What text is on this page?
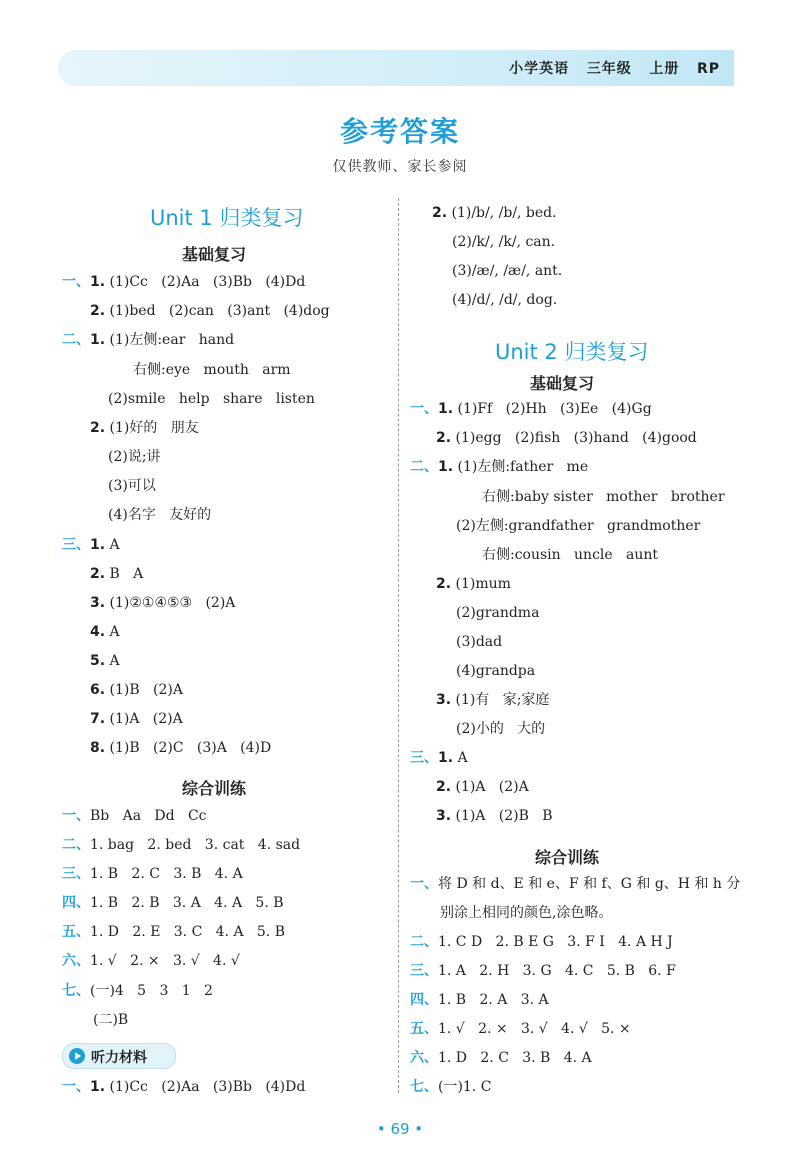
小学英语   三年级   上册   RP
参考答案
仅供教师、家长参阅
Unit 1 归类复习
基础复习
综合训练
听力材料
一、1. (1)Cc   (2)Aa   (3)Bb   (4)Dd
2. (1)bed   (2)can   (3)ant   (4)dog
二、1. (1)左侧:ear   hand
右侧:eye   mouth   arm
(2)smile   help   share   listen
2. (1)好的   朋友
(2)说;讲
(3)可以
(4)名字   友好的
三、1. A
2. B   A
3. (1)②①④⑤③   (2)A
4. A
5. A
6. (1)B   (2)A
7. (1)A   (2)A
8. (1)B   (2)C   (3)A   (4)D
一、Bb   Aa   Dd   Cc
二、1. bag   2. bed   3. cat   4. sad
三、1. B   2. C   3. B   4. A
四、1. B   2. B   3. A   4. A   5. B
五、1. D   2. E   3. C   4. A   5. B
六、1. √   2. ×   3. √   4. √
七、(一)4   5   3   1   2
(二)B
一、1. (1)Cc   (2)Aa   (3)Bb   (4)Dd
Unit 2 归类复习
基础复习
综合训练
2. (1)/b/, /b/, bed.
(2)/k/, /k/, can.
(3)/æ/, /æ/, ant.
(4)/d/, /d/, dog.
一、1. (1)Ff   (2)Hh   (3)Ee   (4)Gg
2. (1)egg   (2)fish   (3)hand   (4)good
二、1. (1)左侧:father   me
右侧:baby sister   mother   brother
(2)左侧:grandfather   grandmother
右侧:cousin   uncle   aunt
2. (1)mum
(2)grandma
(3)dad
(4)grandpa
3. (1)有   家;家庭
(2)小的   大的
三、1. A
2. (1)A   (2)A
3. (1)A   (2)B   B
一、将 D 和 d、E 和 e、F 和 f、G 和 g、H 和 h 分
别涂上相同的颜色,涂色略。
二、1. C D   2. B E G   3. F I   4. A H J
三、1. A   2. H   3. G   4. C   5. B   6. F
四、1. B   2. A   3. A
五、1. √   2. ×   3. √   4. √   5. ×
六、1. D   2. C   3. B   4. A
七、(一)1. C
• 69 •
